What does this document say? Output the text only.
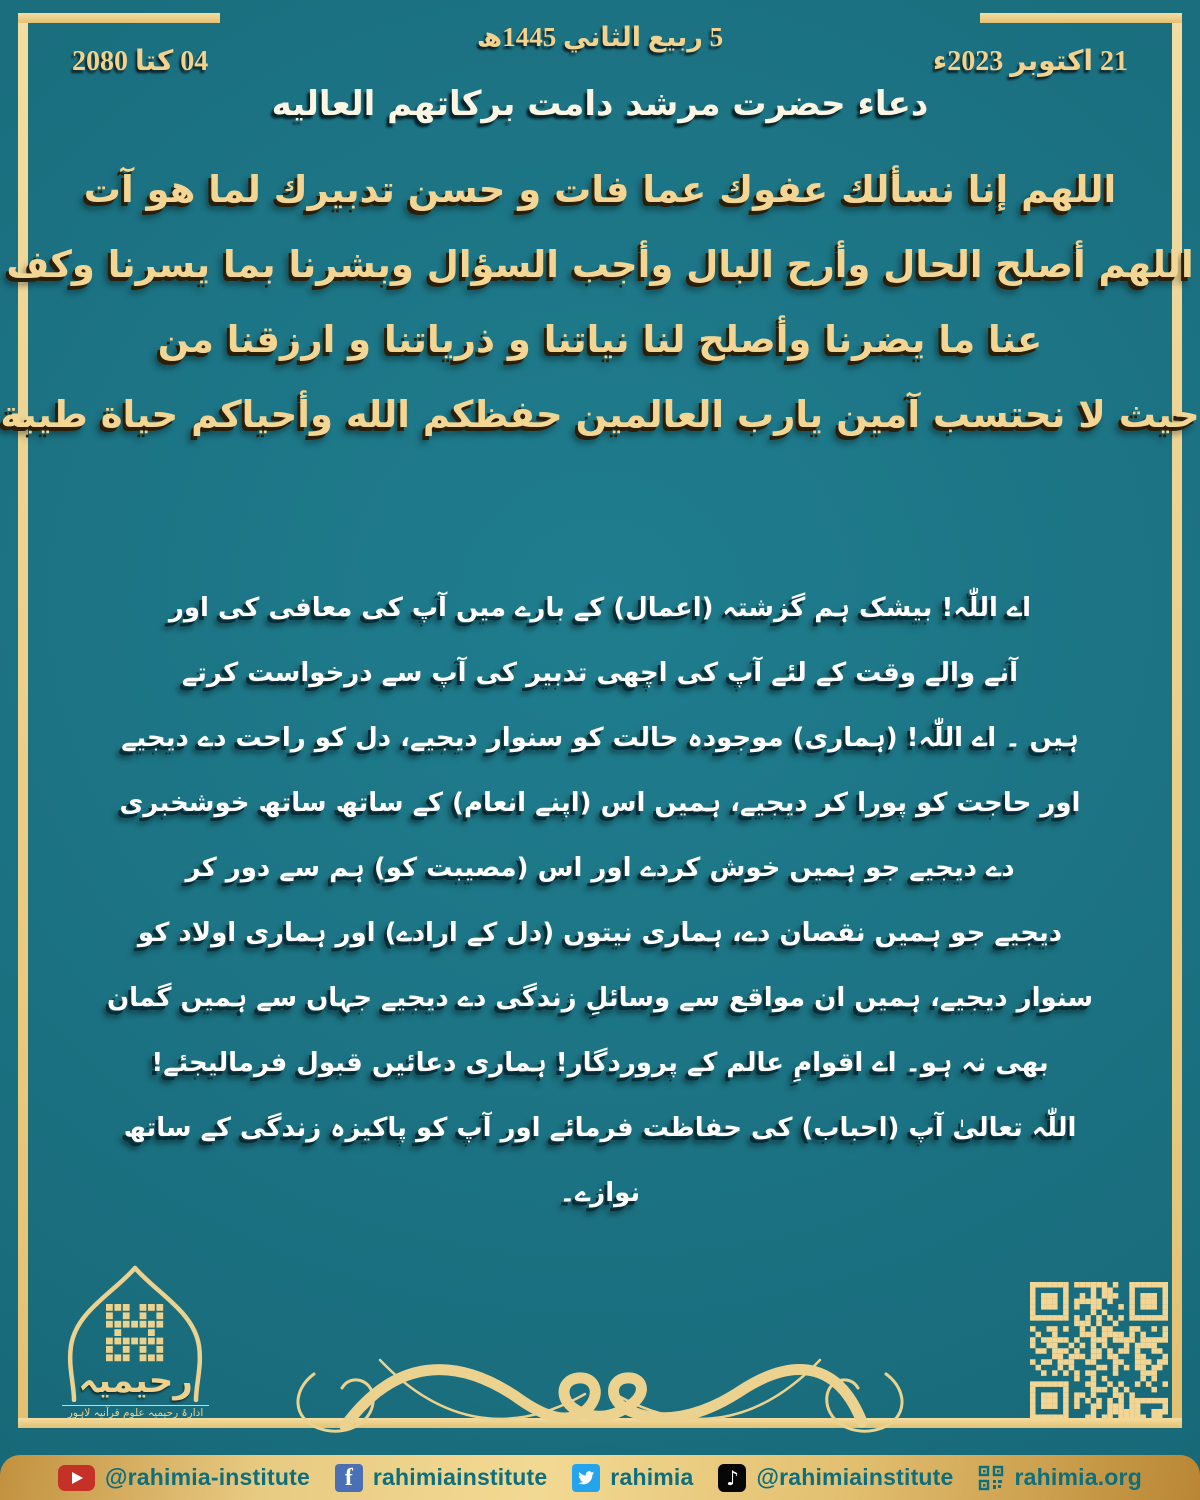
5 ربیع الثاني 1445ھ
21 اکتوبر 2023ء
04 کتا 2080
دعاء حضرت مرشد دامت برکاتهم العالیه
اللهم إنا نسألك عفوك عما فات و حسن تدبيرك لما هو آت
اللهم أصلح الحال وأرح البال وأجب السؤال وبشرنا بما يسرنا وكف
عنا ما يضرنا وأصلح لنا نياتنا و ذرياتنا و ارزقنا من
حيث لا نحتسب آمين يارب العالمين حفظكم الله وأحياكم حياة طيبة
اے اللّٰہ! بیشک ہم گزشتہ (اعمال) کے بارے میں آپ کی معافی کی اور
آنے والے وقت کے لئے آپ کی اچھی تدبیر کی آپ سے درخواست کرتے
ہیں ۔ اے اللّٰہ! (ہماری) موجودہ حالت کو سنوار دیجیے، دل کو راحت دے دیجیے
اور حاجت کو پورا کر دیجیے، ہمیں اس (اپنے انعام) کے ساتھ ساتھ خوشخبری
دے دیجیے جو ہمیں خوش کردے اور اس (مصیبت کو) ہم سے دور کر
دیجیے جو ہمیں نقصان دے، ہماری نیتوں (دل کے ارادے) اور ہماری اولاد کو
سنوار دیجیے، ہمیں ان مواقع سے وسائلِ زندگی دے دیجیے جہاں سے ہمیں گمان
بھی نہ ہو۔ اے اقوامِ عالم کے پروردگار! ہماری دعائیں قبول فرمالیجئے!
اللّٰہ تعالیٰ آپ (احباب) کی حفاظت فرمائے اور آپ کو پاکیزہ زندگی کے ساتھ
نوازے۔
رحیمیہ
ادارۂ رحیمیہ علومِ قرآنیہ لاہور
@rahimia-institute	f rahimiainstitute	rahimia	♪ @rahimiainstitute	rahimia.org
